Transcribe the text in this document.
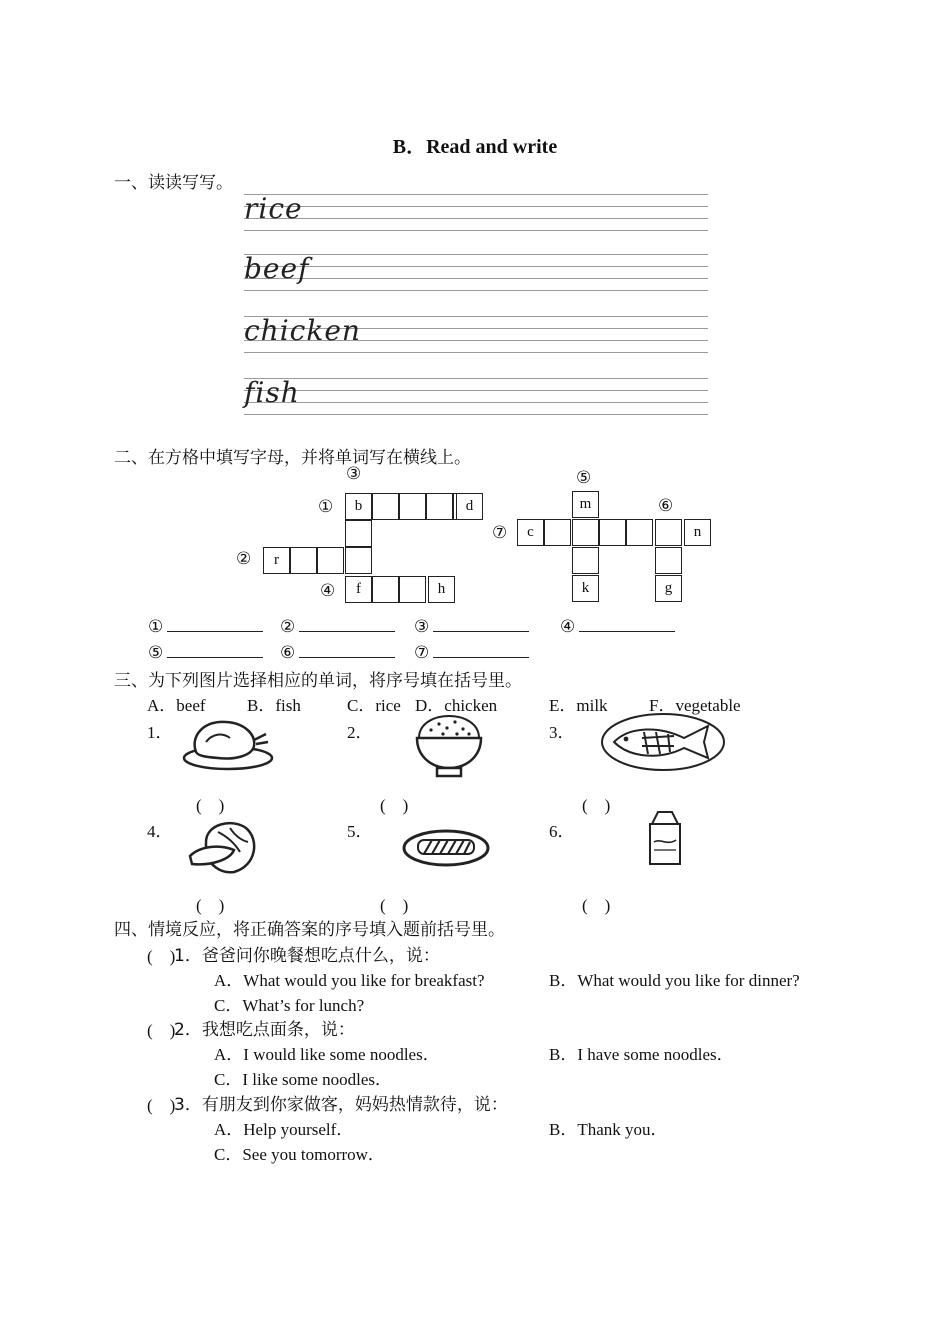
B．Read and write
一、读读写写。
rice
beef
chicken
fish
二、在方格中填写字母，并将单词写在横线上。
③
①
②
④
b	d
r
f	h
⑤
⑥
⑦
m
c	n
k	g
①	②	③	④
⑤	⑥	⑦
三、为下列图片选择相应的单词，将序号填在括号里。
A．beef B．fish	C．rice D．chicken	E．milk F．vegetable
1．	2．	3．
4．	5．	6．
(　)	(　)	(　)
(　)	(　)	(　)
四、情境反应，将正确答案的序号填入题前括号里。
(　)
1．爸爸问你晚餐想吃点什么，说：
A．What would you like for breakfast?	B．What would you like for dinner?
C．What’s for lunch?
(　)
2．我想吃点面条，说：
A．I would like some noodles．	B．I have some noodles．
C．I like some noodles．
(　)
3．有朋友到你家做客，妈妈热情款待，说：
A．Help yourself．	B．Thank you．
C．See you tomorrow．
